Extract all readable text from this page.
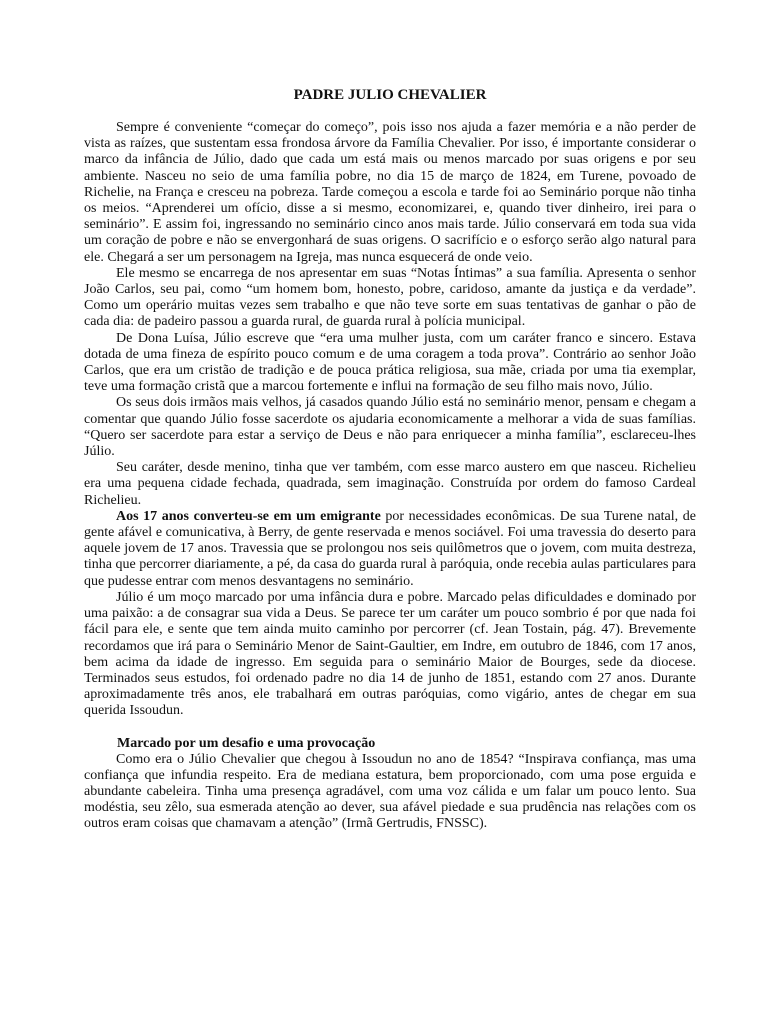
PADRE JULIO CHEVALIER

Sempre é conveniente “começar do começo”, pois isso nos ajuda a fazer memória e a não perder de vista as raízes, que sustentam essa frondosa árvore da Família Chevalier. Por isso, é importante considerar o marco da infância de Júlio, dado que cada um está mais ou menos marcado por suas origens e por seu ambiente. Nasceu no seio de uma família pobre, no dia 15 de março de 1824, em Turene, povoado de Richelie, na França e cresceu na pobreza. Tarde começou a escola e tarde foi ao Seminário porque não tinha os meios. “Aprenderei um ofício, disse a si mesmo, economizarei, e, quando tiver dinheiro, irei para o seminário”. E assim foi, ingressando no seminário cinco anos mais tarde. Júlio conservará em toda sua vida um coração de pobre e não se envergonhará de suas origens. O sacrifício e o esforço serão algo natural para ele. Chegará a ser um personagem na Igreja, mas nunca esquecerá de onde veio.

Ele mesmo se encarrega de nos apresentar em suas “Notas Íntimas” a sua família. Apresenta o senhor João Carlos, seu pai, como “um homem bom, honesto, pobre, caridoso, amante da justiça e da verdade”. Como um operário muitas vezes sem trabalho e que não teve sorte em suas tentativas de ganhar o pão de cada dia: de padeiro passou a guarda rural, de guarda rural à polícia municipal.

De Dona Luísa, Júlio escreve que “era uma mulher justa, com um caráter franco e sincero. Estava dotada de uma fineza de espírito pouco comum e de uma coragem a toda prova”. Contrário ao senhor João Carlos, que era um cristão de tradição e de pouca prática religiosa, sua mãe, criada por uma tia exemplar, teve uma formação cristã que a marcou fortemente e influi na formação de seu filho mais novo, Júlio.

Os seus dois irmãos mais velhos, já casados quando Júlio está no seminário menor, pensam e chegam a comentar que quando Júlio fosse sacerdote os ajudaria economicamente a melhorar a vida de suas famílias. “Quero ser sacerdote para estar a serviço de Deus e não para enriquecer a minha família”, esclareceu-lhes Júlio.

Seu caráter, desde menino, tinha que ver também, com esse marco austero em que nasceu. Richelieu era uma pequena cidade fechada, quadrada, sem imaginação. Construída por ordem do famoso Cardeal Richelieu.

Aos 17 anos converteu-se em um emigrante por necessidades econômicas. De sua Turene natal, de gente afável e comunicativa, à Berry, de gente reservada e menos sociável. Foi uma travessia do deserto para aquele jovem de 17 anos. Travessia que se prolongou nos seis quilômetros que o jovem, com muita destreza, tinha que percorrer diariamente, a pé, da casa do guarda rural à paróquia, onde recebia aulas particulares para que pudesse entrar com menos desvantagens no seminário.

Júlio é um moço marcado por uma infância dura e pobre. Marcado pelas dificuldades e dominado por uma paixão: a de consagrar sua vida a Deus. Se parece ter um caráter um pouco sombrio é por que nada foi fácil para ele, e sente que tem ainda muito caminho por percorrer (cf. Jean Tostain, pág. 47). Brevemente recordamos que irá para o Seminário Menor de Saint-Gaultier, em Indre, em outubro de 1846, com 17 anos, bem acima da idade de ingresso. Em seguida para o seminário Maior de Bourges, sede da diocese. Terminados seus estudos, foi ordenado padre no dia 14 de junho de 1851, estando com 27 anos. Durante aproximadamente três anos, ele trabalhará em outras paróquias, como vigário, antes de chegar em sua querida Issoudun.

Marcado por um desafio e uma provocação

Como era o Júlio Chevalier que chegou à Issoudun no ano de 1854? “Inspirava confiança, mas uma confiança que infundia respeito. Era de mediana estatura, bem proporcionado, com uma pose erguida e abundante cabeleira. Tinha uma presença agradável, com uma voz cálida e um falar um pouco lento. Sua modéstia, seu zêlo, sua esmerada atenção ao dever, sua afável piedade e sua prudência nas relações com os outros eram coisas que chamavam a atenção” (Irmã Gertrudis, FNSSC).
